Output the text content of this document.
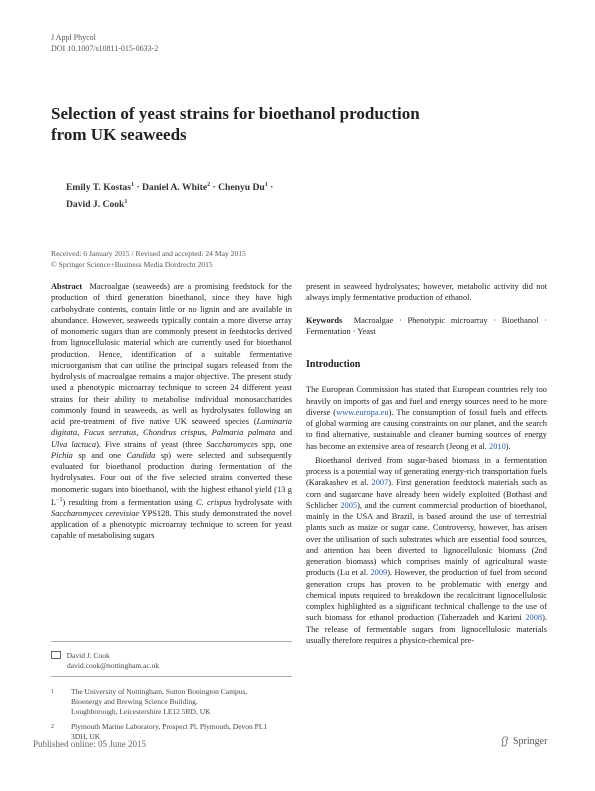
J Appl Phycol
DOI 10.1007/s10811-015-0633-2
Selection of yeast strains for bioethanol production
from UK seaweeds
Emily T. Kostas$^1$ · Daniel A. White$^2$ · Chenyu $Du^1$ ·
David J. Cook$^1$
Received: 6 January 2015 / Revised and accepted: 24 May 2015
© Springer Science+Business Media Dordrecht 2015

Abstract Macroalgae (seaweeds) are a promising feedstock for the production of third generation bioethanol, since they have high carbohydrate contents, contain little or no lignin and are available in abundance. However, seaweeds typically contain a more diverse array of monomeric sugars than are commonly present in feedstocks derived from lignocellulosic material which are currently used for bioethanol production. Hence, identification of a suitable fermentative microorganism that can utilise the principal sugars released from the hydrolysis of macroalgae remains a major objective. The present study used a phenotypic microarray technique to screen 24 different yeast strains for their ability to metabolise individual monosaccharides commonly found in seaweeds, as well as hydrolysates following an acid pre-treatment of five native UK seaweed species (Laminaria digitata, Fucus serratus, Chondrus crispus, Palmaria palmata and Ulva lactuca). Five strains of yeast (three Saccharomyces spp, one Pichia sp and one Candida sp) were selected and subsequently evaluated for bioethanol production during fermentation of the hydrolysates. Four out of the five selected strains converted these monomeric sugars into bioethanol, with the highest ethanol yield (13 g $L^{-1}$) resulting from a fermentation using C. crispus hydrolysate with Saccharomyces cerevisiae YPS128. This study demonstrated the novel application of a phenotypic microarray technique to screen for yeast capable of metabolising sugars

David J. Cook
david.cook@nottingham.ac.uk
1 The University of Nottingham, Sutton Bonington Campus,
Bioenergy and Brewing Science Building,
Loughborough, Leicestershire LE12 5RD, UK
2 Plymouth Marine Laboratory, Prospect Pl, Plymouth, Devon PL1
3DH, UK

present in seaweed hydrolysates; however, metabolic activity did not always imply fermentative production of ethanol.

Keywords Macroalgae · Phenotypic microarray · Bioethanol · Fermentation · Yeast

Introduction

The European Commission has stated that European countries rely too heavily on imports of gas and fuel and energy sources need to be more diverse (www.europa.eu). The consumption of fossil fuels and effects of global warming are causing constraints on our planet, and the search to find alternative, sustainable and cleaner burning sources of energy has become an extensive area of research (Jeong et al. 2010).

Bioethanol derived from sugar-based biomass in a fermentation process is a potential way of generating energy-rich transportation fuels (Karakashev et al. 2007). First generation feedstock materials such as corn and sugarcane have already been widely exploited (Bothast and Schlicher 2005), and the current commercial production of bioethanol, mainly in the USA and Brazil, is based around the use of terrestrial plants such as maize or sugar cane. Controversy, however, has arisen over the utilisation of such substrates which are essential food sources, and attention has been diverted to lignocellulosic biomass (2nd generation biomass) which comprises mainly of agricultural waste products (Lu et al. 2009). However, the production of fuel from second generation crops has proven to be problematic with energy and chemical inputs required to breakdown the recalcitrant lignocellulosic complex highlighted as a significant technical challenge to the use of such biomass for ethanol production (Taherzadeh and Karimi 2008). The release of fermentable sugars from lignocellulosic materials usually therefore requires a physico-chemical pre-

Published online: 05 June 2015	Springer
